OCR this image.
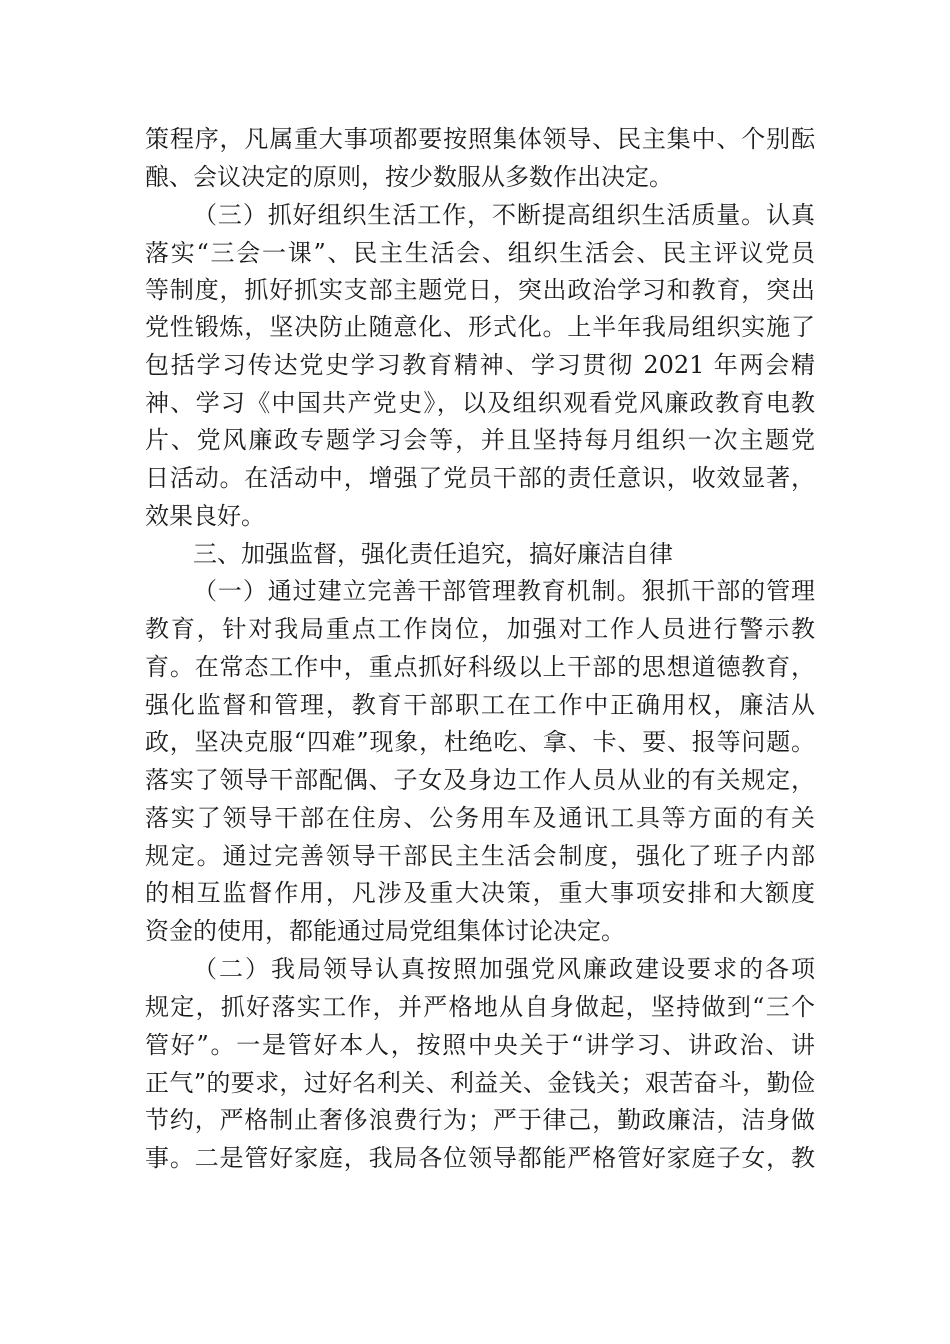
策程序，凡属重大事项都要按照集体领导、民主集中、个别酝
酿、会议决定的原则，按少数服从多数作出决定。
（三）抓好组织生活工作，不断提高组织生活质量。认真
落实“三会一课”、民主生活会、组织生活会、民主评议党员
等制度，抓好抓实支部主题党日，突出政治学习和教育，突出
党性锻炼，坚决防止随意化、形式化。上半年我局组织实施了
包括学习传达党史学习教育精神、学习贯彻 2021 年两会精
神、学习《中国共产党史》，以及组织观看党风廉政教育电教
片、党风廉政专题学习会等，并且坚持每月组织一次主题党
日活动。在活动中，增强了党员干部的责任意识，收效显著，
效果良好。
三、加强监督，强化责任追究，搞好廉洁自律
（一）通过建立完善干部管理教育机制。狠抓干部的管理
教育，针对我局重点工作岗位，加强对工作人员进行警示教
育。在常态工作中，重点抓好科级以上干部的思想道德教育，
强化监督和管理，教育干部职工在工作中正确用权，廉洁从
政，坚决克服“四难”现象，杜绝吃、拿、卡、要、报等问题。
落实了领导干部配偶、子女及身边工作人员从业的有关规定，
落实了领导干部在住房、公务用车及通讯工具等方面的有关
规定。通过完善领导干部民主生活会制度，强化了班子内部
的相互监督作用，凡涉及重大决策，重大事项安排和大额度
资金的使用，都能通过局党组集体讨论决定。
（二）我局领导认真按照加强党风廉政建设要求的各项
规定，抓好落实工作，并严格地从自身做起，坚持做到“三个
管好”。一是管好本人，按照中央关于“讲学习、讲政治、讲
正气”的要求，过好名利关、利益关、金钱关；艰苦奋斗，勤俭
节约，严格制止奢侈浪费行为；严于律己，勤政廉洁，洁身做
事。二是管好家庭，我局各位领导都能严格管好家庭子女，教
